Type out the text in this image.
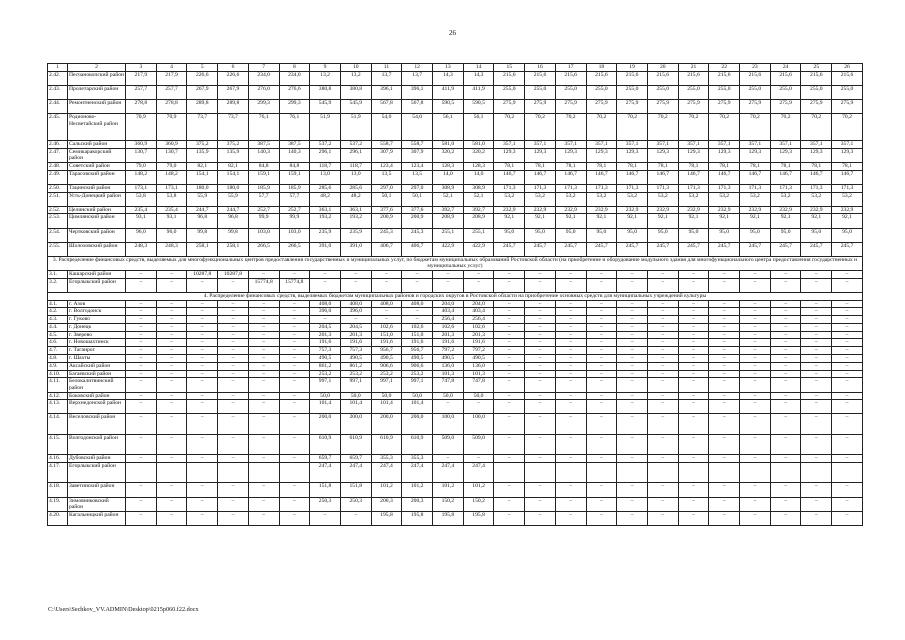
26
1	2	3	4	5	6	7	8	9	10	11	12	13	14	15	16	17	18	19	20	21	22	23	24	25	26
2.42.	Песчанокопский район	217,9	217,9	226,6	226,6	234,0	234,0	13,2	13,2	13,7	13,7	14,3	14,3	215,6	215,6	215,6	215,6	215,6	215,6	215,6	215,6	215,6	215,6	215,6	215,6
2.43.	Пролетарский район	257,7	257,7	267,9	267,9	276,0	276,6	380,8	380,8	396,1	396,1	411,9	411,9	255,0	255,0	255,0	255,0	255,0	255,0	255,0	255,0	255,0	255,0	255,0	255,0
2.44.	Ремонтненский район	278,8	278,8	289,8	289,8	299,3	299,3	545,9	545,9	567,8	567,8	590,5	590,5	275,9	275,9	275,9	275,9	275,9	275,9	275,9	275,9	275,9	275,9	275,9	275,9
2.45.	Родионово-Несветайский район	70,9	70,9	73,7	73,7	76,1	76,1	51,9	51,9	54,0	54,0	56,1	56,1	70,2	70,2	70,2	70,2	70,2	70,2	70,2	70,2	70,2	70,2	70,2	70,2
2.46.	Сальский район	360,9	360,9	375,2	375,2	387,5	387,5	537,2	537,2	558,7	558,7	581,0	581,0	357,1	357,1	357,1	357,1	357,1	357,1	357,1	357,1	357,1	357,1	357,1	357,1
2.47.	Семикаракорский район	130,7	130,7	135,9	135,9	140,3	140,3	296,1	296,1	307,9	307,9	320,2	320,2	129,3	129,3	129,3	129,3	129,3	129,3	129,3	129,3	129,3	129,3	129,3	129,3
2.48.	Советский район	79,0	79,0	82,1	82,1	84,8	84,8	118,7	118,7	123,4	123,4	128,3	128,3	78,1	78,1	78,1	78,1	78,1	78,1	78,1	78,1	78,1	78,1	78,1	78,1
2.49.	Тарасовский район	148,2	148,2	154,1	154,1	159,1	159,1	13,0	13,0	13,5	13,5	14,0	14,0	146,7	146,7	146,7	146,7	146,7	146,7	146,7	146,7	146,7	146,7	146,7	146,7
2.50.	Тацинский район	173,1	173,1	180,0	180,0	185,9	185,9	285,6	285,6	297,0	297,0	308,9	308,9	171,3	171,3	171,3	171,3	171,3	171,3	171,3	171,3	171,3	171,3	171,3	171,3
2.51.	Усть-Донецкий район	53,8	53,8	55,9	55,9	57,7	57,7	48,2	48,2	50,1	50,1	52,1	52,1	53,2	53,2	53,2	53,2	53,2	53,2	53,2	53,2	53,2	53,2	53,2	53,2
2.52.	Целинский район	235,4	235,4	244,7	244,7	252,7	252,7	363,1	363,1	377,6	377,6	392,7	392,7	232,9	232,9	232,9	232,9	232,9	232,9	232,9	232,9	232,9	232,9	232,9	232,9
2.53.	Цимлянский район	93,1	93,1	96,8	96,8	99,9	99,9	193,2	193,2	200,9	200,9	208,9	208,9	92,1	92,1	92,1	92,1	92,1	92,1	92,1	92,1	92,1	92,1	92,1	92,1
2.54.	Чертковский район	96,0	96,0	99,8	99,8	103,0	103,0	235,9	235,9	245,3	245,3	255,1	255,1	95,0	95,0	95,0	95,0	95,0	95,0	95,0	95,0	95,0	95,0	95,0	95,0
2.55.	Шолоховский район	248,3	248,3	258,1	258,1	266,5	266,5	391,0	391,0	406,7	406,7	422,9	422,9	245,7	245,7	245,7	245,7	245,7	245,7	245,7	245,7	245,7	245,7	245,7	245,7
3. Распределение финансовых средств, выделяемых для многофункциональных центров предоставления государственных и муниципальных услуг, по бюджетам муниципальных образований Ростовской области (на приобретение и оборудование модульного здания для многофункционального центра предоставления государственных и муниципальных услуг)																									
3.1.	Кашарский район	–	–	10287,8	10287,8	–	–	–	–	–	–	–	–	–	–	–	–	–	–	–	–	–	–	–	–
3.2.	Егорлыкский район	–	–	–	–	15774,8	15774,8	–	–	–	–	–	–	–	–	–	–	–	–	–	–	–	–	–	–
4. Распределение финансовых средств, выделяемых бюджетам муниципальных районов и городских округов в Ростовской области на приобретение основных средств для муниципальных учреждений культуры																									
4.1.	г. Азов	–	–	–	–	–	–	408,0	408,0	408,0	408,0	204,0	204,0	–	–	–	–	–	–	–	–	–	–	–	–
4.2.	г. Волгодонск	–	–	–	–	–	–	396,0	396,0	–	–	403,4	403,4	–	–	–	–	–	–	–	–	–	–	–	–
4.3.	г. Гуково	–	–	–	–	–	–	–	–	–	–	256,4	256,4	–	–	–	–	–	–	–	–	–	–	–	–
4.4.	г. Донецк	–	–	–	–	–	–	204,5	204,5	102,6	102,6	102,6	102,6	–	–	–	–	–	–	–	–	–	–	–	–
4.5.	г. Зверево	–	–	–	–	–	–	201,3	201,3	151,0	151,0	201,3	201,3	–	–	–	–	–	–	–	–	–	–	–	–
4.6.	г. Новошахтинск	–	–	–	–	–	–	191,6	191,6	191,6	191,6	191,6	191,6	–	–	–	–	–	–	–	–	–	–	–	–
4.7.	г. Таганрог	–	–	–	–	–	–	757,3	757,3	956,7	956,7	797,2	797,2	–	–	–	–	–	–	–	–	–	–	–	–
4.8.	г. Шахты	–	–	–	–	–	–	490,5	490,5	490,5	490,5	490,5	490,5	–	–	–	–	–	–	–	–	–	–	–	–
4.9.	Аксайский район	–	–	–	–	–	–	861,2	861,2	906,6	906,6	136,0	136,0	–	–	–	–	–	–	–	–	–	–	–	–
4.10.	Багаевский район	–	–	–	–	–	–	253,2	253,2	253,2	253,2	101,3	101,3	–	–	–	–	–	–	–	–	–	–	–	–
4.11.	Белокалитвинский район	–	–	–	–	–	–	997,1	997,1	997,1	997,1	747,8	747,8	–	–	–	–	–	–	–	–	–	–	–	–
4.12.	Боковский район	–	–	–	–	–	–	50,0	50,0	50,0	50,0	50,0	50,0	–	–	–	–	–	–	–	–	–	–	–	–
4.13.	Верхнедонской район	–	–	–	–	–	–	101,4	101,4	101,4	101,4	–	–	–	–	–	–	–	–	–	–	–	–	–	–
4.14.	Веселовский район	–	–	–	–	–	–	200,0	200,0	200,0	200,0	100,0	100,0	–	–	–	–	–	–	–	–	–	–	–	–
4.15.	Волгодонской район	–	–	–	–	–	–	610,9	610,9	610,9	610,9	509,0	509,0	–	–	–	–	–	–	–	–	–	–	–	–
4.16.	Дубовский район	–	–	–	–	–	–	659,7	659,7	355,3	355,3	–	–	–	–	–	–	–	–	–	–	–	–	–	–
4.17.	Егорлыкский район							247,4	247,4	247,4	247,4	247,4	247,4												
4.18.	Заветинский район	–	–	–	–	–	–	151,8	151,8	101,2	101,2	101,2	101,2	–	–	–	–	–	–	–	–	–	–	–	–
4.19.	Зимовниковский район	–	–	–	–	–	–	250,3	250,3	200,3	200,3	150,2	150,2	–	–	–	–	–	–	–	–	–	–	–	–
4.20.	Кагальницкий район	–	–	–	–	–	–	–	–	195,8	195,8	195,8	195,8	–	–	–	–	–	–	–	–	–	–	–	–
C:\Users\Sechkov_VV.ADMIN\Desktop\0215p060.f22.docx
